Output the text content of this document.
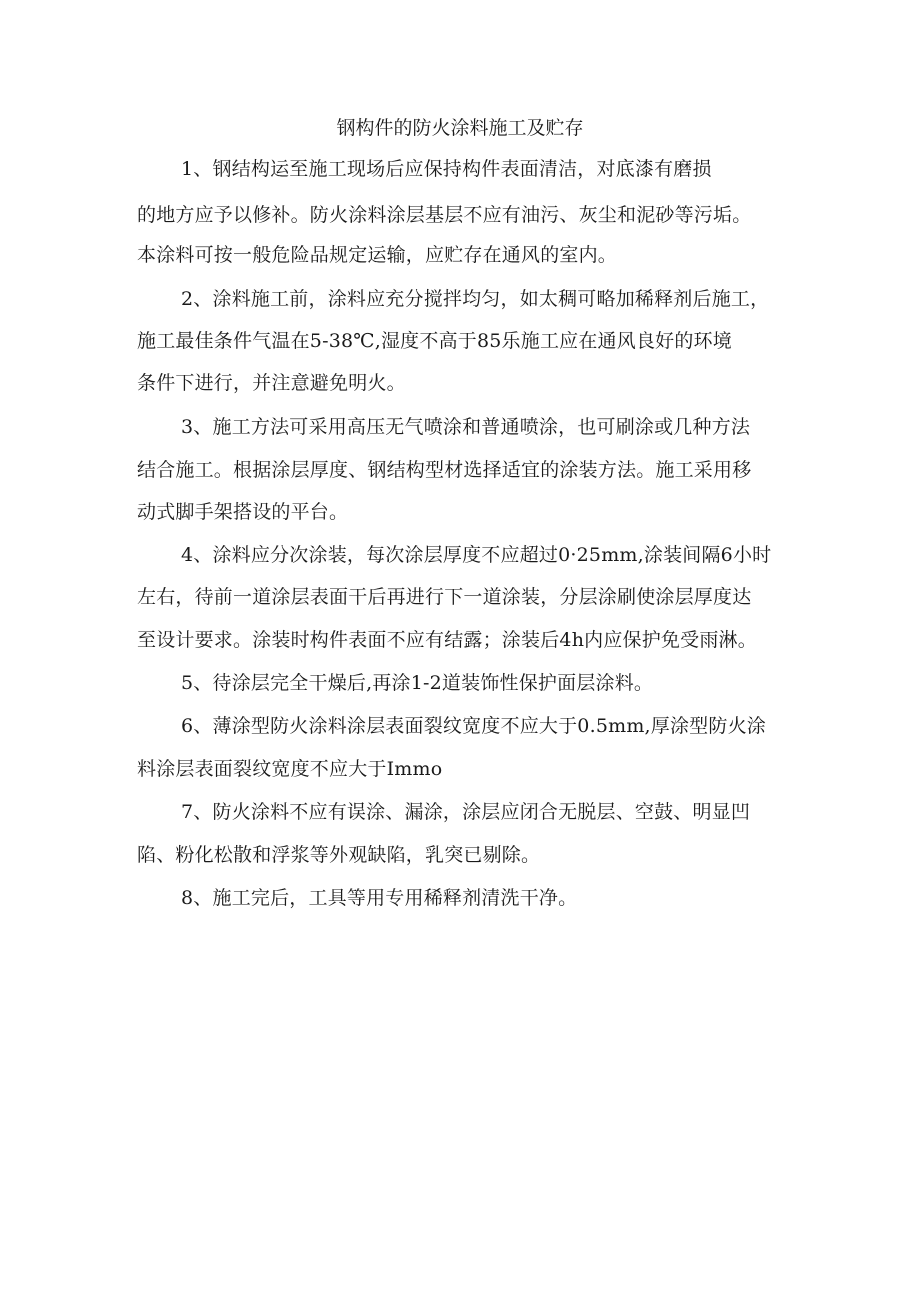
钢构件的防火涂料施工及贮存
1、钢结构运至施工现场后应保持构件表面清洁，对底漆有磨损
的地方应予以修补。防火涂料涂层基层不应有油污、灰尘和泥砂等污垢。
本涂料可按一般危险品规定运输，应贮存在通风的室内。
2、涂料施工前，涂料应充分搅拌均匀，如太稠可略加稀释剂后施工，
施工最佳条件气温在5-38℃,湿度不高于85乐施工应在通风良好的环境
条件下进行，并注意避免明火。
3、施工方法可采用高压无气喷涂和普通喷涂，也可刷涂或几种方法
结合施工。根据涂层厚度、钢结构型材选择适宜的涂装方法。施工采用移
动式脚手架搭设的平台。
4、涂料应分次涂装，每次涂层厚度不应超过0·25mm,涂装间隔6小时
左右，待前一道涂层表面干后再进行下一道涂装，分层涂刷使涂层厚度达
至设计要求。涂装时构件表面不应有结露；涂装后4h内应保护免受雨淋。
5、待涂层完全干燥后,再涂1-2道装饰性保护面层涂料。
6、薄涂型防火涂料涂层表面裂纹宽度不应大于0.5mm,厚涂型防火涂
料涂层表面裂纹宽度不应大于Immo
7、防火涂料不应有误涂、漏涂，涂层应闭合无脱层、空鼓、明显凹
陷、粉化松散和浮浆等外观缺陷，乳突已剔除。
8、施工完后，工具等用专用稀释剂清洗干净。
